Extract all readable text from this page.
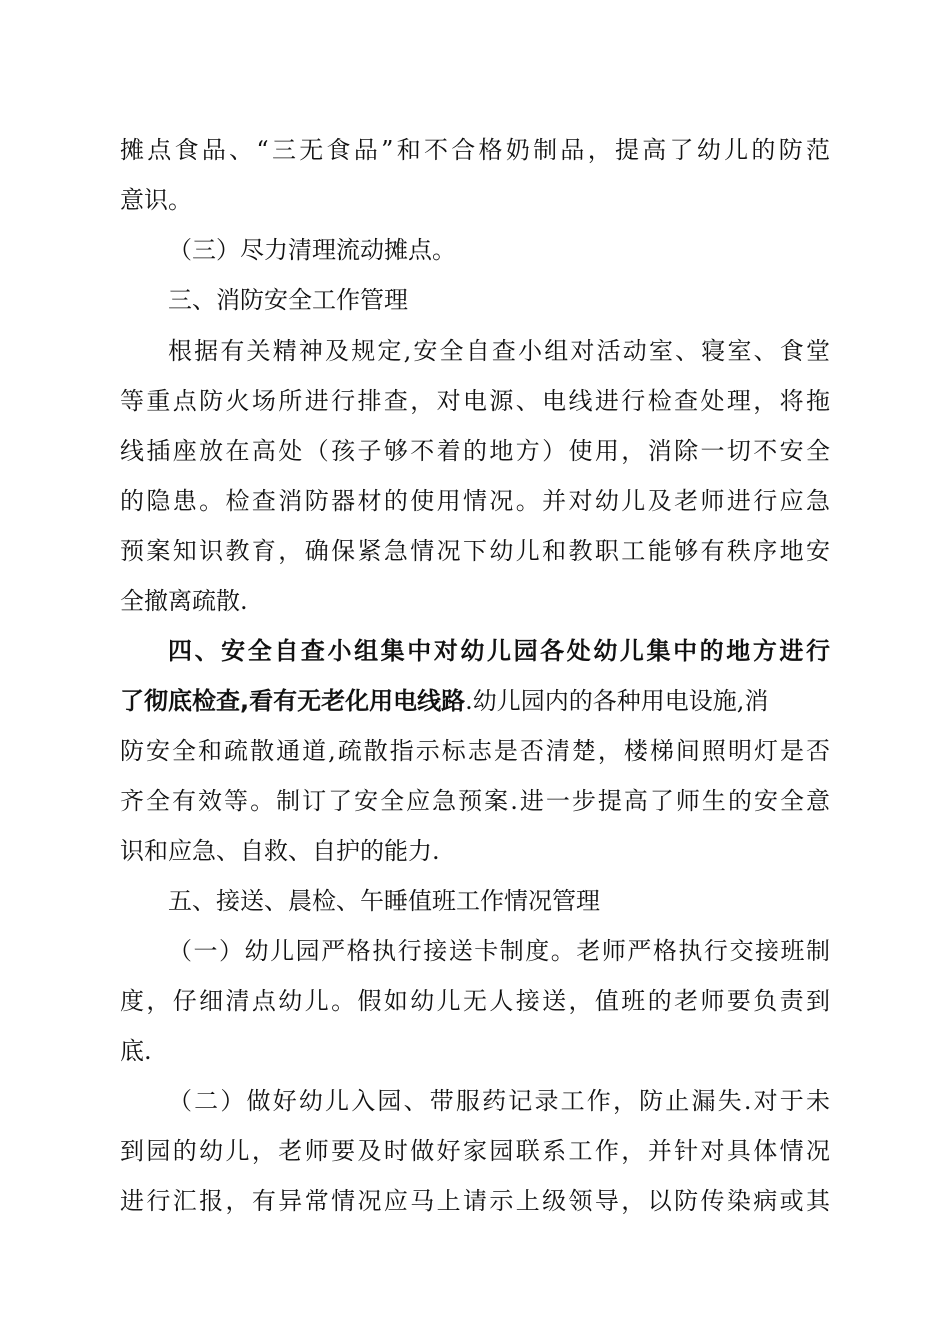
摊点食品、“三无食品”和不合格奶制品，提高了幼儿的防范
意识。
（三）尽力清理流动摊点。
三、消防安全工作管理
根据有关精神及规定,安全自查小组对活动室、寝室、食堂
等重点防火场所进行排查，对电源、电线进行检查处理，将拖
线插座放在高处（孩子够不着的地方）使用，消除一切不安全
的隐患。检查消防器材的使用情况。并对幼儿及老师进行应急
预案知识教育，确保紧急情况下幼儿和教职工能够有秩序地安
全撤离疏散.
四、安全自查小组集中对幼儿园各处幼儿集中的地方进行
了彻底检查,看有无老化用电线路.幼儿园内的各种用电设施,消
防安全和疏散通道,疏散指示标志是否清楚，楼梯间照明灯是否
齐全有效等。制订了安全应急预案.进一步提高了师生的安全意
识和应急、自救、自护的能力.
五、接送、晨检、午睡值班工作情况管理
（一）幼儿园严格执行接送卡制度。老师严格执行交接班制
度，仔细清点幼儿。假如幼儿无人接送，值班的老师要负责到
底.
（二）做好幼儿入园、带服药记录工作，防止漏失.对于未
到园的幼儿，老师要及时做好家园联系工作，并针对具体情况
进行汇报，有异常情况应马上请示上级领导，以防传染病或其
